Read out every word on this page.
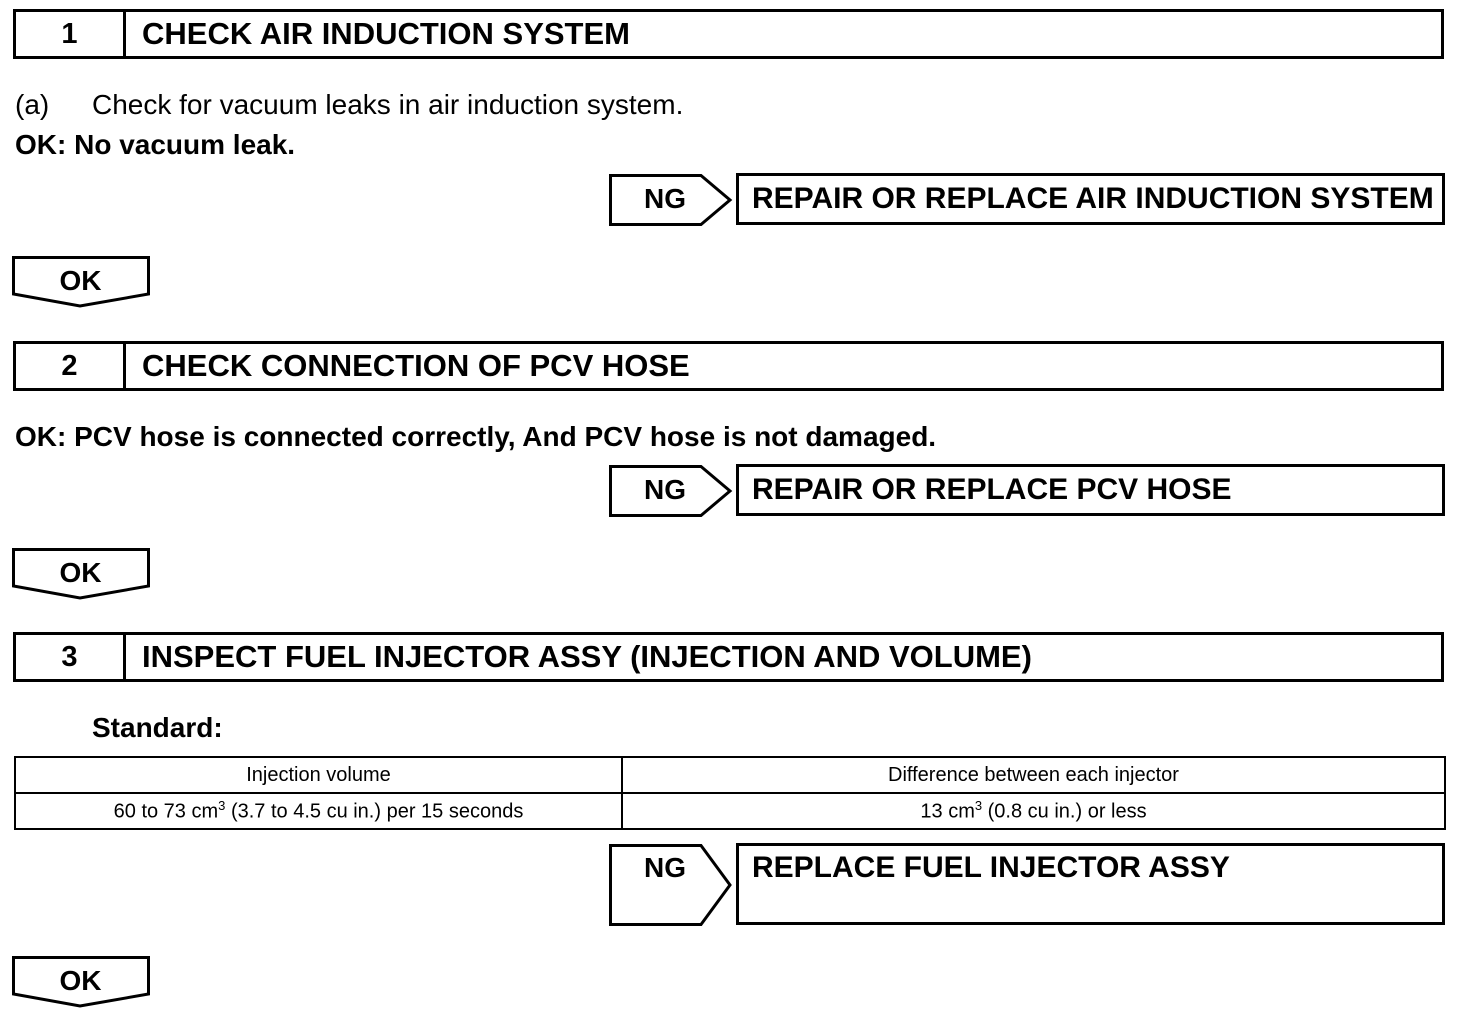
1	CHECK AIR INDUCTION SYSTEM
(a) Check for vacuum leaks in air induction system.
OK: No vacuum leak.
NG	REPAIR OR REPLACE AIR INDUCTION SYSTEM
OK
2	CHECK CONNECTION OF PCV HOSE
OK: PCV hose is connected correctly, And PCV hose is not damaged.
NG	REPAIR OR REPLACE PCV HOSE
OK
3	INSPECT FUEL INJECTOR ASSY (INJECTION AND VOLUME)
Standard:
Injection volume	Difference between each injector
60 to 73 $cm^3$ (3.7 to 4.5 cu in.) per 15 seconds	13 $cm^3$ (0.8 cu in.) or less
NG	REPLACE FUEL INJECTOR ASSY
OK
